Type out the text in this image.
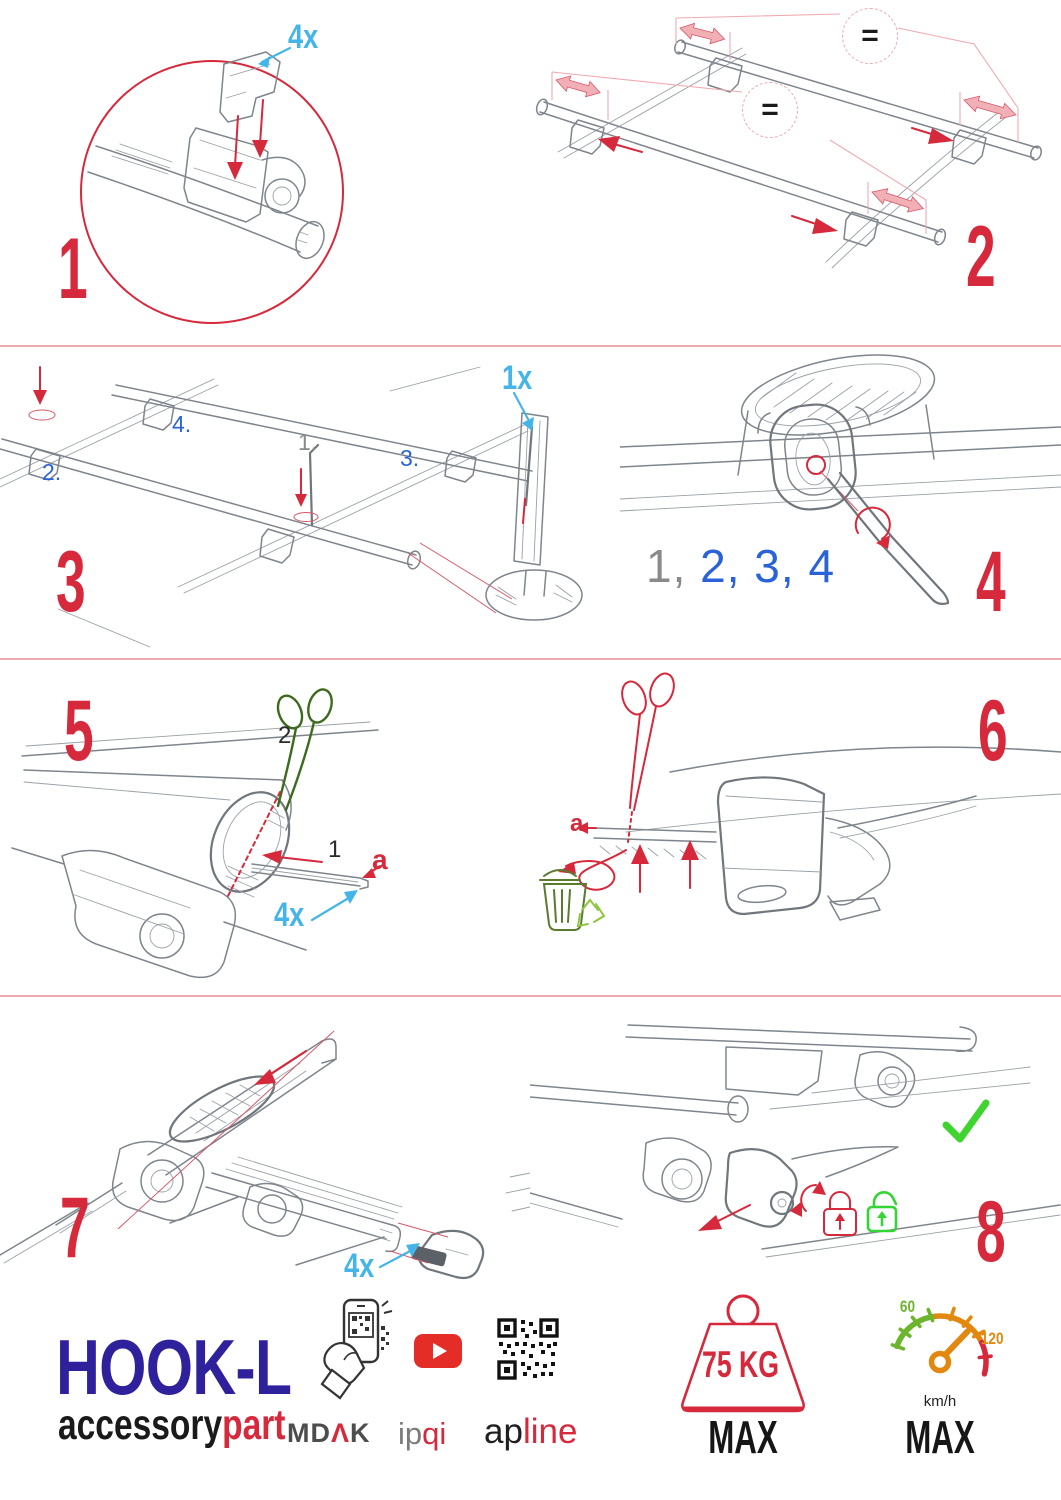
1
4x	=
=
2
3
1x
1.
2.
3.
4.
1, 2, 3, 4 4
5	2
1 a
4x
6
a
7	4x	8
HOOK-L
accessorypart MDΛK ipqi apline
75 KG
MAX
60
120
km/h
MAX
